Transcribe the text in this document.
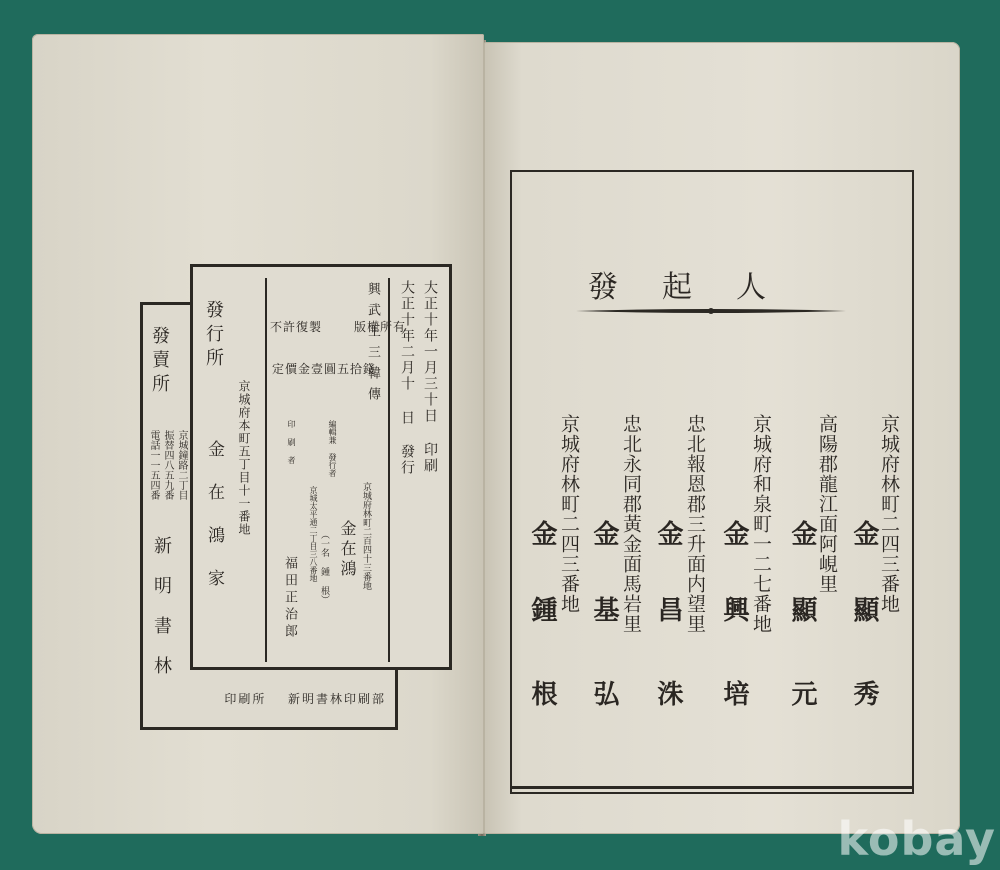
大正十年一月三十日 印刷
大正十年二月十 日 發行
興武王三韓傳
版權所有
不許復製
定價金壹圓五拾錢
京城府林町二百四十三番地
編輯兼 發行者
金在鴻
（一名 鍾 根）
京城太平通二丁目三八番地
印刷者
福田正治郎
發行所
京城府本町五丁目十一番地
金在鴻家
發賣所
京城鐘路二丁目
振替四八五九番
電話一一五四番
新明書林
印刷所 新明書林印刷部
發起人
京城府林町二四三番地
金
顯秀
高陽郡龍江面阿峴里
金
顯元
京城府和泉町一二七番地
金
興培
忠北報恩郡三升面内望里
金
昌洙
忠北永同郡黃金面馬岩里
金
基弘
京城府林町二四三番地
金
鍾根
kobay
